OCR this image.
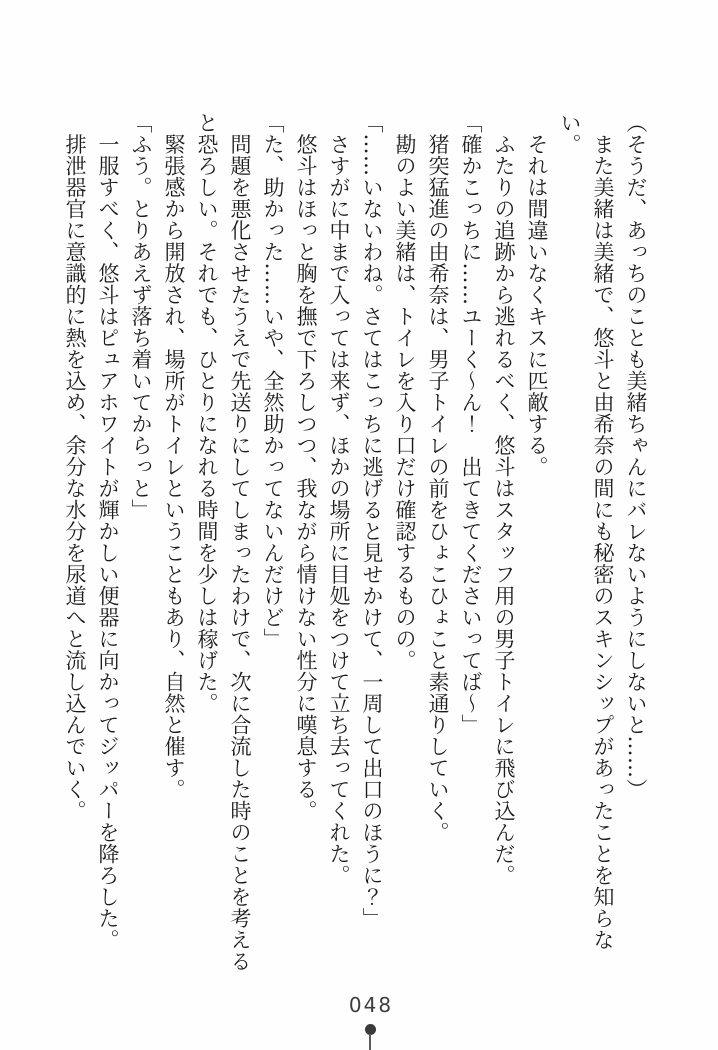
（そうだ、あっちのことも美緒ちゃんにバレないようにしないと……）

　また美緒は美緒で、悠斗と由希奈の間にも秘密のスキンシップがあったことを知らない。

　それは間違いなくキスに匹敵する。

　ふたりの追跡から逃れるべく、悠斗はスタッフ用の男子トイレに飛び込んだ。

「確かこっちに……ユーく～ん！　出てきてくださいってば～」

　猪突猛進の由希奈は、男子トイレの前をひょこひょこと素通りしていく。

　勘のよい美緒は、トイレを入り口だけ確認するものの。

「……いないわね。さてはこっちに逃げると見せかけて、一周して出口のほうに？」

　さすがに中まで入っては来ず、ほかの場所に目処をつけて立ち去ってくれた。

　悠斗はほっと胸を撫で下ろしつつ、我ながら情けない性分に嘆息する。

「た、助かった……いや、全然助かってないんだけど」

　問題を悪化させたうえで先送りにしてしまったわけで、次に合流した時のことを考えると恐ろしい。それでも、ひとりになれる時間を少しは稼げた。

　緊張感から開放され、場所がトイレということもあり、自然と催す。

「ふう。とりあえず落ち着いてからっと」

　一服すべく、悠斗はピュアホワイトが輝かしい便器に向かってジッパーを降ろした。

　排泄器官に意識的に熱を込め、余分な水分を尿道へと流し込んでいく。

048
